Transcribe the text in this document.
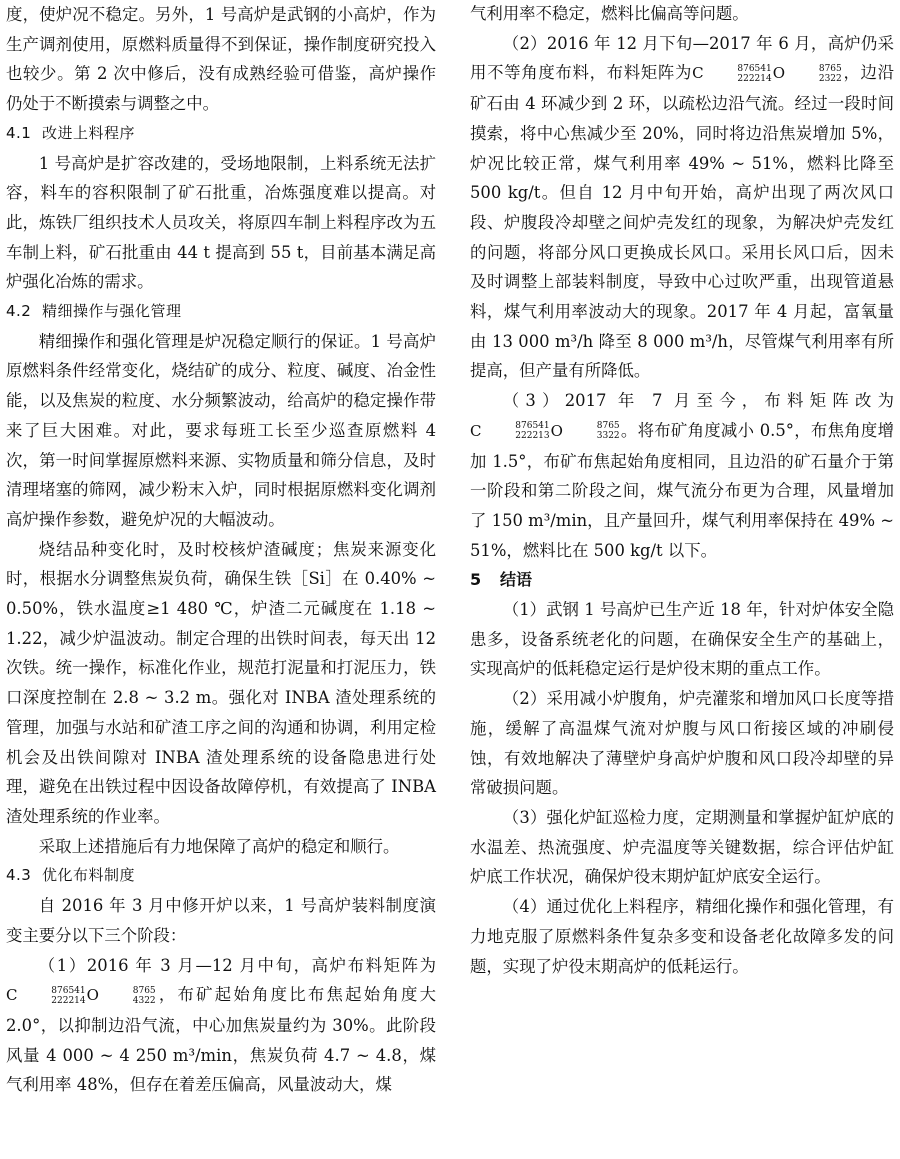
度，使炉况不稳定。另外，1 号高炉是武钢的小高炉，作为生产调剂使用，原燃料质量得不到保证，操作制度研究投入也较少。第 2 次中修后，没有成熟经验可借鉴，高炉操作仍处于不断摸索与调整之中。

4.1 改进上料程序

1 号高炉是扩容改建的，受场地限制，上料系统无法扩容，料车的容积限制了矿石批重，冶炼强度难以提高。对此，炼铁厂组织技术人员攻关，将原四车制上料程序改为五车制上料，矿石批重由 44 t 提高到 55 t，目前基本满足高炉强化冶炼的需求。

4.2 精细操作与强化管理

精细操作和强化管理是炉况稳定顺行的保证。1 号高炉原燃料条件经常变化，烧结矿的成分、粒度、碱度、冶金性能，以及焦炭的粒度、水分频繁波动，给高炉的稳定操作带来了巨大困难。对此，要求每班工长至少巡查原燃料 4 次，第一时间掌握原燃料来源、实物质量和筛分信息，及时清理堵塞的筛网，减少粉末入炉，同时根据原燃料变化调剂高炉操作参数，避免炉况的大幅波动。

烧结品种变化时，及时校核炉渣碱度；焦炭来源变化时，根据水分调整焦炭负荷，确保生铁［Si］在 0.40% ~ 0.50%，铁水温度≥1 480 ℃，炉渣二元碱度在 1.18 ~ 1.22，减少炉温波动。制定合理的出铁时间表，每天出 12 次铁。统一操作，标准化作业，规范打泥量和打泥压力，铁口深度控制在 2.8 ~ 3.2 m。强化对 INBA 渣处理系统的管理，加强与水站和矿渣工序之间的沟通和协调，利用定检机会及出铁间隙对 INBA 渣处理系统的设备隐患进行处理，避免在出铁过程中因设备故障停机，有效提高了 INBA 渣处理系统的作业率。

采取上述措施后有力地保障了高炉的稳定和顺行。

4.3 优化布料制度

自 2016 年 3 月中修开炉以来，1 号高炉装料制度演变主要分以下三个阶段：

（1）2016 年 3 月—12 月中旬，高炉布料矩阵为C	876541
222214 O	8765
4322 ，布矿起始角度比布焦起始角度大 2.0°，以抑制边沿气流，中心加焦炭量约为 30%。此阶段风量 4 000 ~ 4 250 m³/min，焦炭负荷 4.7 ~ 4.8，煤气利用率 48%，但存在着差压偏高，风量波动大，煤

气利用率不稳定，燃料比偏高等问题。

（2）2016 年 12 月下旬—2017 年 6 月，高炉仍采用不等角度布料，布料矩阵为C	876541
222214 O	8765
2322 ，边沿矿石由 4 环减少到 2 环，以疏松边沿气流。经过一段时间摸索，将中心焦减少至 20%，同时将边沿焦炭增加 5%，炉况比较正常，煤气利用率 49% ~ 51%，燃料比降至 500 kg/t。但自 12 月中旬开始，高炉出现了两次风口段、炉腹段冷却壁之间炉壳发红的现象，为解决炉壳发红的问题，将部分风口更换成长风口。采用长风口后，因未及时调整上部装料制度，导致中心过吹严重，出现管道悬料，煤气利用率波动大的现象。2017 年 4 月起，富氧量由 13 000 m³/h 降至 8 000 m³/h，尽管煤气利用率有所提高，但产量有所降低。

（3）2017 年 7 月至今，布料矩阵改为C	876541
222213 O	8765
3322 。将布矿角度减小 0.5°，布焦角度增加 1.5°，布矿布焦起始角度相同，且边沿的矿石量介于第一阶段和第二阶段之间，煤气流分布更为合理，风量增加了 150 m³/min，且产量回升，煤气利用率保持在 49% ~ 51%，燃料比在 500 kg/t 以下。

5 结语

（1）武钢 1 号高炉已生产近 18 年，针对炉体安全隐患多，设备系统老化的问题，在确保安全生产的基础上，实现高炉的低耗稳定运行是炉役末期的重点工作。

（2）采用减小炉腹角，炉壳灌浆和增加风口长度等措施，缓解了高温煤气流对炉腹与风口衔接区域的冲刷侵蚀，有效地解决了薄壁炉身高炉炉腹和风口段冷却壁的异常破损问题。

（3）强化炉缸巡检力度，定期测量和掌握炉缸炉底的水温差、热流强度、炉壳温度等关键数据，综合评估炉缸炉底工作状况，确保炉役末期炉缸炉底安全运行。

（4）通过优化上料程序，精细化操作和强化管理，有力地克服了原燃料条件复杂多变和设备老化故障多发的问题，实现了炉役末期高炉的低耗运行。
